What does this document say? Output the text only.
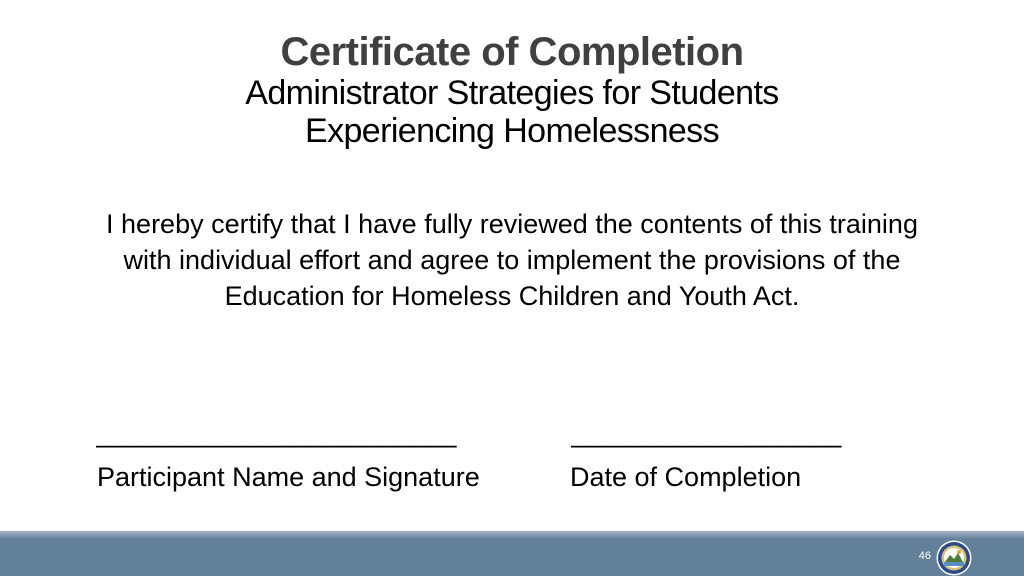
Certificate of Completion
Administrator Strategies for Students
Experiencing Homelessness

I hereby certify that I have fully reviewed the contents of this training with individual effort and agree to implement the provisions of the Education for Homeless Children and Youth Act.

________________________	__________________
Participant Name and Signature	Date of Completion
46
